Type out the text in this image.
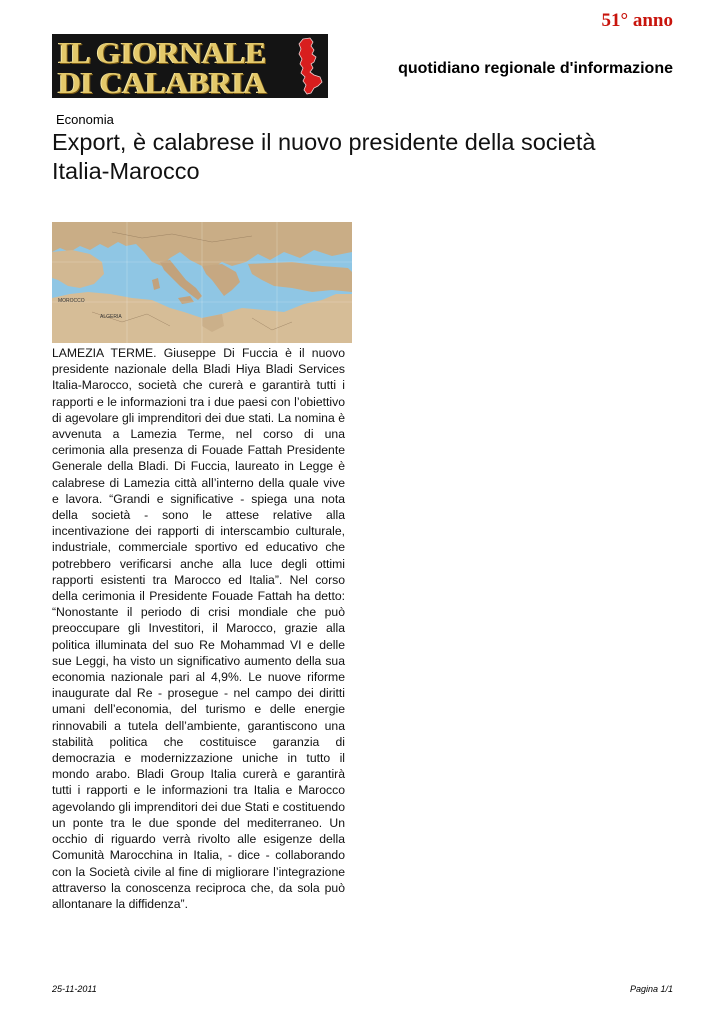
51° anno
IL GIORNALE
DI CALABRIA	quotidiano regionale d'informazione
Economia
Export, è calabrese il nuovo presidente della società Italia-Marocco
MOROCCO
ALGERIA

LAMEZIA TERME. Giuseppe Di Fuccia è il nuovo presidente nazionale della Bladi Hiya Bladi Services Italia-Marocco, società che curerà e garantirà tutti i rapporti e le informazioni tra i due paesi con l’obiettivo di agevolare gli imprenditori dei due stati. La nomina è avvenuta a Lamezia Terme, nel corso di una cerimonia alla presenza di Fouade Fattah Presidente Generale della Bladi. Di Fuccia, laureato in Legge è calabrese di Lamezia città all’interno della quale vive e lavora. “Grandi e significative - spiega una nota della società - sono le attese relative alla incentivazione dei rapporti di interscambio culturale, industriale, commerciale sportivo ed educativo che potrebbero verificarsi anche alla luce degli ottimi rapporti esistenti tra Marocco ed Italia”. Nel corso della cerimonia il Presidente Fouade Fattah ha detto: “Nonostante il periodo di crisi mondiale che può preoccupare gli Investitori, il Marocco, grazie alla politica illuminata del suo Re Mohammad VI e delle sue Leggi, ha visto un significativo aumento della sua economia nazionale pari al 4,9%. Le nuove riforme inaugurate dal Re - prosegue - nel campo dei diritti umani dell’economia, del turismo e delle energie rinnovabili a tutela dell’ambiente, garantiscono una stabilità politica che costituisce garanzia di democrazia e modernizzazione uniche in tutto il mondo arabo. Bladi Group Italia curerà e garantirà tutti i rapporti e le informazioni tra Italia e Marocco agevolando gli imprenditori dei due Stati e costituendo un ponte tra le due sponde del mediterraneo. Un occhio di riguardo verrà rivolto alle esigenze della Comunità Marocchina in Italia, - dice - collaborando con la Società civile al fine di migliorare l’integrazione attraverso la conoscenza reciproca che, da sola può allontanare la diffidenza”.

25-11-2011	Pagina 1/1
